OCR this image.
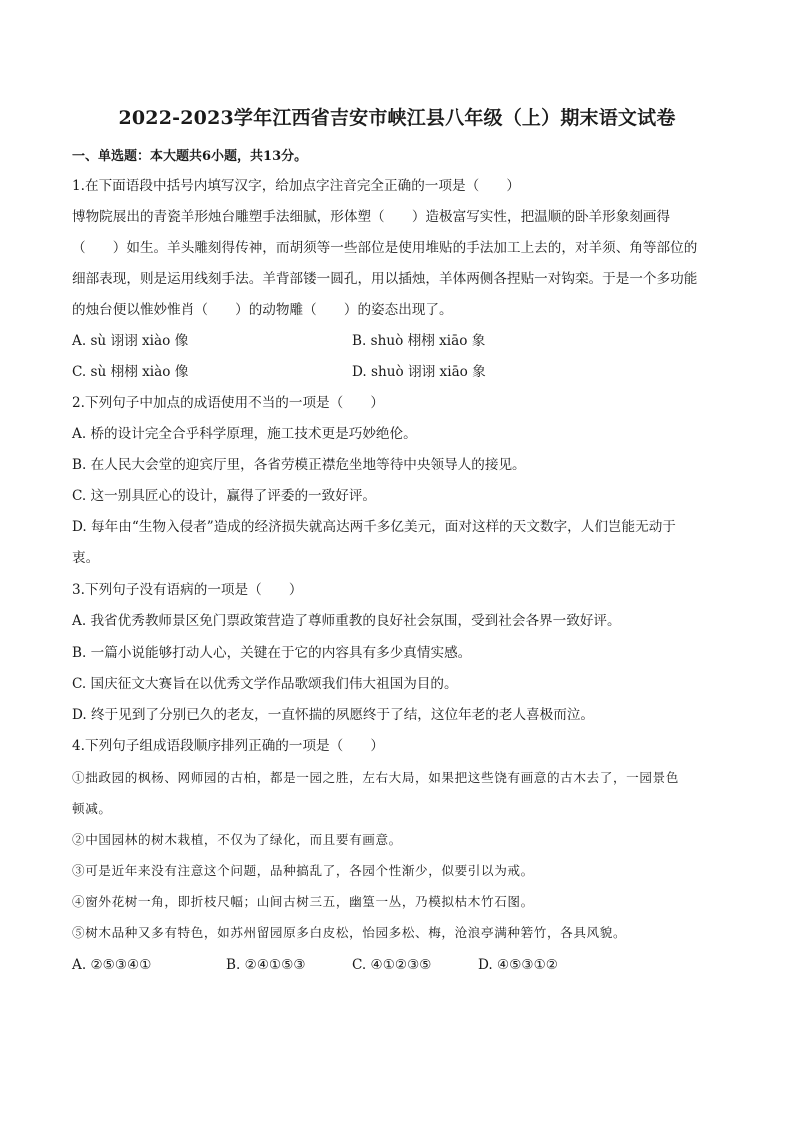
2022-2023学年江西省吉安市峡江县八年级（上）期末语文试卷
一、单选题：本大题共6小题，共13分。
1.在下面语段中括号内填写汉字，给加点字注音完全正确的一项是（　　）
博物院展出的青瓷羊形烛台雕塑手法细腻，形体塑（　　）造极富写实性，把温顺的卧羊形象刻画得
（　　）如生。羊头雕刻得传神，而胡须等一些部位是使用堆贴的手法加工上去的，对羊须、角等部位的
细部表现，则是运用线刻手法。羊背部镂一圆孔，用以插烛，羊体两侧各捏贴一对钩栾。于是一个多功能
的烛台便以惟妙惟肖（　　）的动物雕（　　）的姿态出现了。
A. sù 诩诩 xiào 像	B. shuò 栩栩 xiāo 象
C. sù 栩栩 xiào 像	D. shuò 诩诩 xiāo 象
2.下列句子中加点的成语使用不当的一项是（　　）
A. 桥的设计完全合乎科学原理，施工技术更是巧妙绝伦。
B. 在人民大会堂的迎宾厅里，各省劳模正襟危坐地等待中央领导人的接见。
C. 这一别具匠心的设计，赢得了评委的一致好评。
D. 每年由“生物入侵者”造成的经济损失就高达两千多亿美元，面对这样的天文数字，人们岂能无动于
衷。
3.下列句子没有语病的一项是（　　）
A. 我省优秀教师景区免门票政策营造了尊师重教的良好社会氛围，受到社会各界一致好评。
B. 一篇小说能够打动人心，关键在于它的内容具有多少真情实感。
C. 国庆征文大赛旨在以优秀文学作品歌颂我们伟大祖国为目的。
D. 终于见到了分别已久的老友，一直怀揣的夙愿终于了结，这位年老的老人喜极而泣。
4.下列句子组成语段顺序排列正确的一项是（　　）
①拙政园的枫杨、网师园的古柏，都是一园之胜，左右大局，如果把这些饶有画意的古木去了，一园景色
顿减。
②中国园林的树木栽植，不仅为了绿化，而且要有画意。
③可是近年来没有注意这个问题，品种搞乱了，各园个性渐少，似要引以为戒。
④窗外花树一角，即折枝尺幅；山间古树三五，幽篁一丛，乃模拟枯木竹石图。
⑤树木品种又多有特色，如苏州留园原多白皮松，怡园多松、梅，沧浪亭满种箬竹，各具风貌。
A. ②⑤③④①	B. ②④①⑤③	C. ④①②③⑤	D. ④⑤③①②
